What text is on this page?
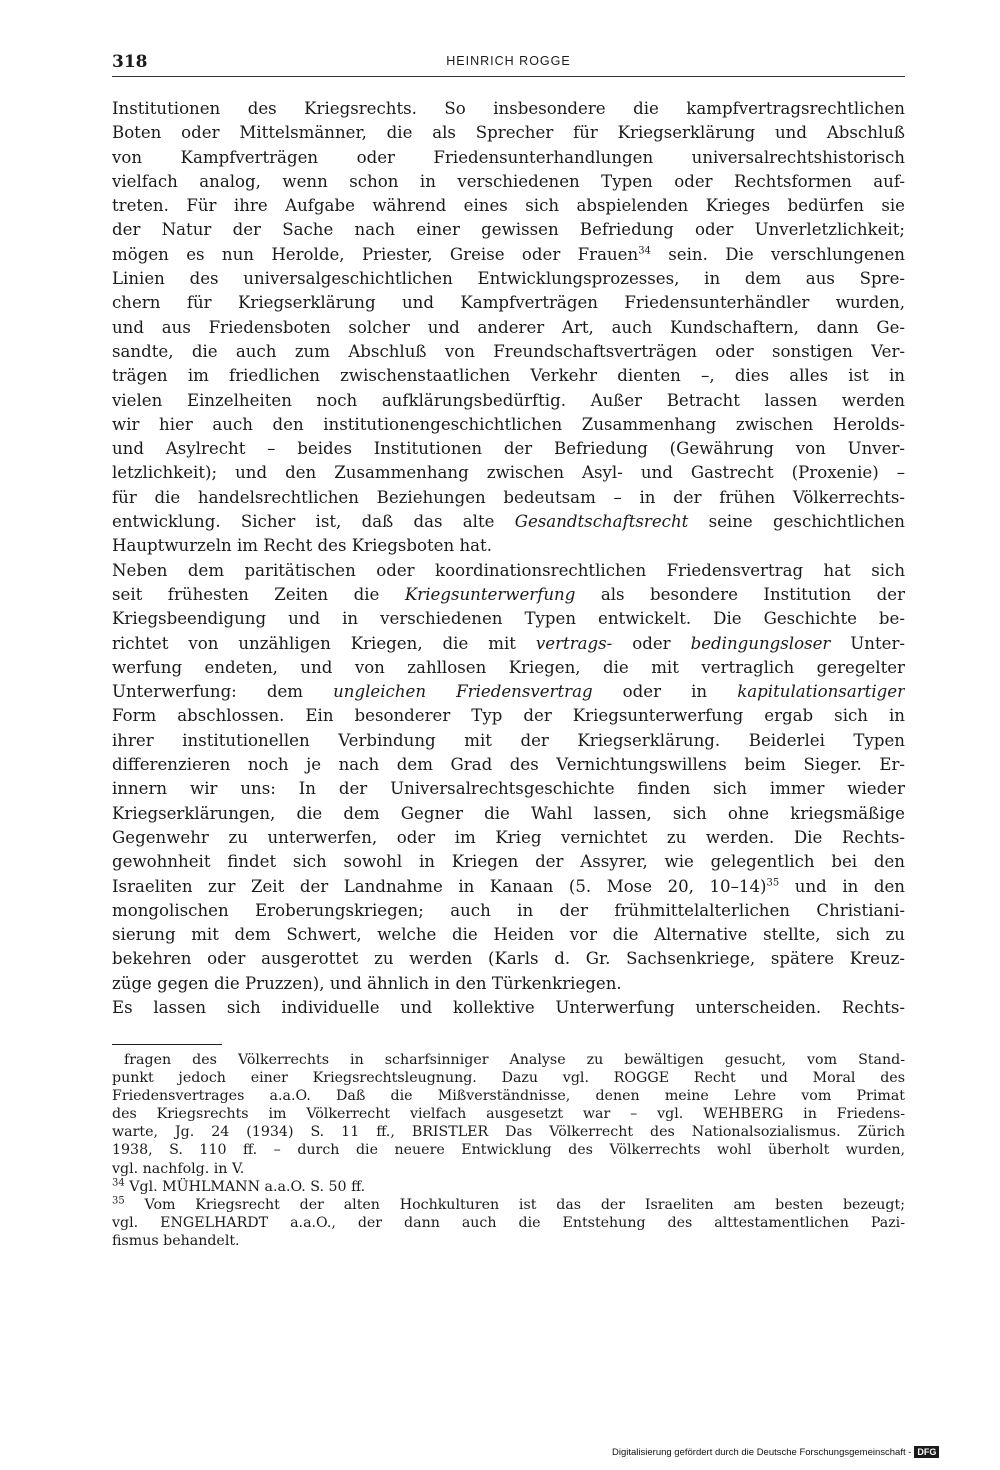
318	HEINRICH ROGGE
Institutionen des Kriegsrechts. So insbesondere die kampfvertragsrechtlichen
Boten oder Mittelsmänner, die als Sprecher für Kriegserklärung und Abschluß
von Kampfverträgen oder Friedensunterhandlungen universalrechtshistorisch
vielfach analog, wenn schon in verschiedenen Typen oder Rechtsformen auf-
treten. Für ihre Aufgabe während eines sich abspielenden Krieges bedürfen sie
der Natur der Sache nach einer gewissen Befriedung oder Unverletzlichkeit;
mögen es nun Herolde, Priester, Greise oder Frauen$^{34}$ sein. Die verschlungenen
Linien des universalgeschichtlichen Entwicklungsprozesses, in dem aus Spre-
chern für Kriegserklärung und Kampfverträgen Friedensunterhändler wurden,
und aus Friedensboten solcher und anderer Art, auch Kundschaftern, dann Ge-
sandte, die auch zum Abschluß von Freundschaftsverträgen oder sonstigen Ver-
trägen im friedlichen zwischenstaatlichen Verkehr dienten –, dies alles ist in
vielen Einzelheiten noch aufklärungsbedürftig. Außer Betracht lassen werden
wir hier auch den institutionengeschichtlichen Zusammenhang zwischen Herolds-
und Asylrecht – beides Institutionen der Befriedung (Gewährung von Unver-
letzlichkeit); und den Zusammenhang zwischen Asyl- und Gastrecht (Proxenie) –
für die handelsrechtlichen Beziehungen bedeutsam – in der frühen Völkerrechts-
entwicklung. Sicher ist, daß das alte Gesandtschaftsrecht seine geschichtlichen
Hauptwurzeln im Recht des Kriegsboten hat.
Neben dem paritätischen oder koordinationsrechtlichen Friedensvertrag hat sich
seit frühesten Zeiten die Kriegsunterwerfung als besondere Institution der
Kriegsbeendigung und in verschiedenen Typen entwickelt. Die Geschichte be-
richtet von unzähligen Kriegen, die mit vertrags- oder bedingungsloser Unter-
werfung endeten, und von zahllosen Kriegen, die mit vertraglich geregelter
Unterwerfung: dem ungleichen Friedensvertrag oder in kapitulationsartiger
Form abschlossen. Ein besonderer Typ der Kriegsunterwerfung ergab sich in
ihrer institutionellen Verbindung mit der Kriegserklärung. Beiderlei Typen
differenzieren noch je nach dem Grad des Vernichtungswillens beim Sieger. Er-
innern wir uns: In der Universalrechtsgeschichte finden sich immer wieder
Kriegserklärungen, die dem Gegner die Wahl lassen, sich ohne kriegsmäßige
Gegenwehr zu unterwerfen, oder im Krieg vernichtet zu werden. Die Rechts-
gewohnheit findet sich sowohl in Kriegen der Assyrer, wie gelegentlich bei den
Israeliten zur Zeit der Landnahme in Kanaan (5. Mose 20, 10–14)$^{35}$ und in den
mongolischen Eroberungskriegen; auch in der frühmittelalterlichen Christiani-
sierung mit dem Schwert, welche die Heiden vor die Alternative stellte, sich zu
bekehren oder ausgerottet zu werden (Karls d. Gr. Sachsenkriege, spätere Kreuz-
züge gegen die Pruzzen), und ähnlich in den Türkenkriegen.
Es lassen sich individuelle und kollektive Unterwerfung unterscheiden. Rechts-
fragen des Völkerrechts in scharfsinniger Analyse zu bewältigen gesucht, vom Stand-
punkt jedoch einer Kriegsrechtsleugnung. Dazu vgl. ROGGE Recht und Moral des
Friedensvertrages a.a.O. Daß die Mißverständnisse, denen meine Lehre vom Primat
des Kriegsrechts im Völkerrecht vielfach ausgesetzt war – vgl. WEHBERG in Friedens-
warte, Jg. 24 (1934) S. 11 ff., BRISTLER Das Völkerrecht des Nationalsozialismus. Zürich
1938, S. 110 ff. – durch die neuere Entwicklung des Völkerrechts wohl überholt wurden,
vgl. nachfolg. in V.
$^{34}$ Vgl. MÜHLMANN a.a.O. S. 50 ff.
$^{35}$ Vom Kriegsrecht der alten Hochkulturen ist das der Israeliten am besten bezeugt;
vgl. ENGELHARDT a.a.O., der dann auch die Entstehung des alttestamentlichen Pazi-
fismus behandelt.
Digitalisierung gefördert durch die Deutsche Forschungsgemeinschaft - DFG
